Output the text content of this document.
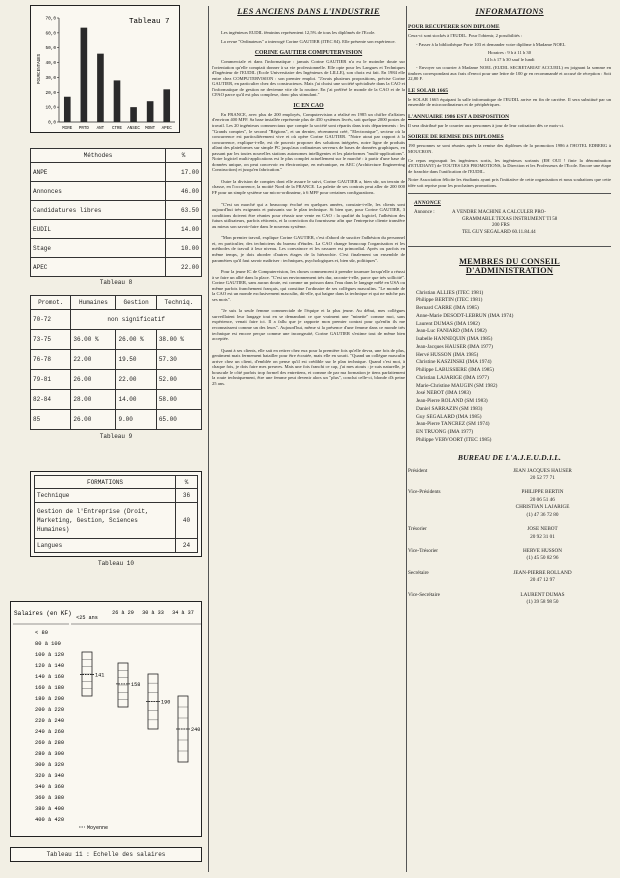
70,0
60,0
50,0
40,0
30,0
20,0
10,0
0,0
MIRE PRTD ANT CTRE ANSEC MONT APEC
POURCENTAGES
Tableau 7
Méthodes	%
ANPE	17.00
Annonces	46.00
Candidatures libres	63.50
EUDIL	14.00
Stage	10.00
APEC	22.00
Tableau 8
Promot.	Humaines	Gestion	Techniq.
70-72	non significatif		
73-75	36.00 %	26.00 %	38.00 %
76-78	22.00	19.50	57.30
79-81	26.00	22.00	52.00
82-84	28.00	14.00	58.00
85	26.00	9.00	65.00
Tableau 9
FORMATIONS	%
Technique	36
Gestion de l'Entreprise (Droit, Marketing, Gestion, Sciences Humaines)	40
Langues	24
Tableau 10
Salaires (en KF)
<25 ans
26 à 29 30 à 33 34 à 37
< 80
80 à 100
100 à 120
120 à 140
140 à 160
160 à 180
180 à 200
200 à 220
220 à 240
240 à 260
260 à 280
280 à 300
300 à 320
320 à 340
340 à 360
360 à 380
380 à 400
400 à 420
141
158
190
240
Moyenne
Tableau 11 : Echelle des salaires
LES ANCIENS DANS L'INDUSTRIE

Les ingénieurs EUDIL féminins représentent 12,5% de tous les diplômés de l'Ecole.

La revue "Ordinateurs" a interrogé Corine GAUTIER (ITEC 84). Elle présente son expérience.

CORINE GAUTIER COMPUTERVISION

Commerciale et dans l'informatique : jamais Corine GAUTIER n'a eu le moindre doute sur l'orientation qu'elle comptait donner à sa vie professionnelle. Elle opte pour les Langues et Techniques d'Ingénieur de l'EUDIL (Ecole Universitaire des Ingénieurs de LILLE), son choix est fait. En 1984 elle entre chez COMPUTERVISION : son premier emploi. "J'avais plusieurs propositions, précise Corine GAUTIER, en particulier chez des constructeurs. Mais j'ai choisi une société spécialisée dans la CAO et l'informatique de gestion ne devienne vite de la routine. En j'ai préféré le monde de la CAO et de la CFAO parce qu'il est plus complexe, donc plus stimulant."

IC EN CAO

En FRANCE, avec plus de 200 employés, Computervision a réalisé en 1985 un chiffre d'affaires d'environ 400 MFF. Sa base installée représente plus de 450 systèmes livrés, soit quelque 2000 postes de travail. Les 20 ingénieurs commerciaux que compte la société sont répartis dans trois départements : les "Grands comptes", le second "Régions", et un dernier, récemment créé, "Electronique", secteur où la concurrence est particulièrement vive et où opère Corine GAUTIER. "Notre atout par rapport à la concurrence, explique-t-elle, est de pouvoir proposer des solutions intégrées, notre ligne de produits allant des plateformes sur simple PC jusqu'aux ordinateurs serveurs de bases de données graphiques, en passant par les toutes nouvelles stations autonomes intelligentes et les plateformes "multi-applications". Notre logiciel multi-applications est le plus complet actuellement sur le marché : à partir d'une base de données unique, on peut concevoir en électronique, en mécanique, en AEC (Architecture Engineering Construction) et jusqu'en fabrication."

Outre la division de comptes dont elle assure le suivi, Corine GAUTIER a, bien sûr, un terrain de chasse, en l'occurrence, la moitié Nord de la FRANCE. La palette de ses contrats peut aller de 200 000 FF pour un simple système sur micro-ordinateur, à 6 MFF pour certaines configurations.

"C'est un marché qui a beaucoup évolué en quelques années, constate-t-elle, les clients sont aujourd'hui très exigeants et puissants sur le plan technique. Si bien que, pour Corine GAUTIER, 3 conditions doivent être réunies pour réussir une vente en CAO : la qualité du logiciel, l'adhésion des futurs utilisateurs, parfois réticents, et la conviction du fournisseur afin que l'entreprise cliente transfère au mieux son savoir-faire dans le nouveau système.

"Mon premier travail, explique Corine GAUTIER, c'est d'abord de susciter l'adhésion du personnel et, en particulier, des techniciens du bureau d'études. La CAO change beaucoup l'organisation et les méthodes de travail à leur niveau. Les convaincre et les rassurer est primordial. Après ou parfois en même temps, je dois aborder d'autres étages de la hiérarchie. C'est finalement un ensemble de paramètres qu'il faut savoir maîtriser : techniques, psychologiques et, bien sûr, politiques".

Pour la jeune IC de Computervision, les choses commencent à prendre tournure lorsqu'elle a réussi à se faire un allié dans la place. "C'est un environnement très dur, raconte-t-elle, parce que très sollicité". Corine GAUTIER, sans aucun doute, est comme un poisson dans l'eau dans le langage mêlé en USA ou même parfois franchement français, qui constitue l'ordinaire de ses collègues masculins. "Le monde de la CAO est un monde exclusivement masculin, dit-elle, qui baigne dans la technique et qui ne mâche pas ses mots".

"Je suis la seule femme commerciale de l'équipe et la plus jeune. Au début, mes collègues surveillaient leur langage tout en se demandant ce que vraiment une "minette" comme moi, sans expérience, venait faire ici. Il a fallu que je rapporte mon premier contrat pour qu'enfin ils me reconnaissent comme un des leurs". Aujourd'hui, même si la présence d'une femme dans ce monde très technique est encore perçue comme une incongruité, Corine GAUTIER s'estime tout de même bien acceptée.

Quant à ses clients, elle sait en retirer chez eux pour la première fois qu'elle devra, une fois de plus, gentiment mais fermement batailler pour être écoutée, mais elle en sourit. "Quand un collègue masculin arrive chez un client, d'emblée on pense qu'il est crédible sur le plan technique. Quand c'est moi, à chaque fois, je dois faire mes preuves. Mais une fois franchi ce cap, j'ai mes atouts : je suis naturelle, je bouscule le côté parfois trop formel des entretiens, et comme de par ma formation je tiens parfaitement la route techniquement, être une femme peut devenir alors un "plus", conclut celle-ci, blonde d'à peine 25 ans.

INFORMATIONS
POUR RECUPERER SON DIPLOME

Ceux-ci sont stockés à l'EUDIL. Pour l'obtenir, 2 possibilités :

- Passer à la bibliothèque Porte 103 et demander votre diplôme à Madame NOEL

Horaires : 9 h à 11 h 30

14 h à 17 h 30 sauf le lundi

- Envoyer un courrier à Madame NOEL (EUDIL SECRETARIAT ACCUEIL) en joignant la somme en timbres correspondant aux frais d'envoi pour une lettre de 100 gr en recommandé et accusé de réception : Soit 22,80 F.

LE SOLAR 1665

le SOLAR 1665 équipant la salle informatique de l'EUDIL arrive en fin de carrière. Il sera substitué par un ensemble de microordinateurs et de périphériques.

L'ANNUAIRE 1986 EST A DISPOSITION

Il sera distribué par le courrier aux personnes à jour de leur cotisation dès ce mois-ci.

SOIREE DE REMISE DES DIPLOMES

190 personnes se sont réunies après la remise des diplômes de la promotion 1986 à l'HOTEL EDBERG à MOUCRON.

Ce repas regroupait les ingénieurs sortis, les ingénieurs sortants (EH OUI ! finie la dénomination d'ETUDIANT) de TOUTES LES PROMOTIONS, la Direction et les Professeurs de l'Ecole. Encore une étape de franchie dans l'unification de l'EUDIL.

Notre Association félicite les étudiants ayant pris l'initiative de cette organisation et nous souhaitons que cette idée soit reprise pour les prochaines promotions.

ANNONCE
Annonce :	A VENDRE MACHINE A CALCULER PRO-
GRAMMABLE TEXAS INSTRUMENT TI 58
200 FRS
TEL GUY SEGALARD 60.11.84.44
MEMBRES DU CONSEIL D'ADMINISTRATION
Christian ALLIES (ITEC 1981)
Philippe BERTIN (ITEC 1981)
Bernard CARRE (IMA 1985)
Anne-Marie DESODT-LEBRUN (IMA 1974)
Laurent DUMAS (IMA 1982)
Jean-Luc FANIARD (IMA 1982)
Isabelle HANNEQUIN (IMA 1985)
Jean-Jacques HAUSER (IMA 1977)
Hervé HUSSON (IMA 1985)
Christine KASZINSKI (IMA 1974)
Philippe LABUSSIERE (IMA 1985)
Christian LAJARIGE (IMA 1977)
Marie-Christine MAUGIN (SM 1982)
José NEBOT (IMA 1983)
Jean-Pierre ROLAND (SM 1983)
Daniel SARRAZIN (SM 1983)
Guy SEGALARD (IMA 1985)
Jean-Pierre TANCREZ (SM 1974)
EN TRUONG (IMA 1977)
Philippe VERVOORT (ITEC 1985)
BUREAU DE L'A.J.E.U.D.I.L.
Président	JEAN JACQUES HAUSER
20 52 77 71
Vice-Présidents	PHILIPPE BERTIN
20 06 51 46
CHRISTIAN LAJARIGE
(1) 47 36 72 80
Trésorier	JOSE NEBOT
20 92 31 01
Vice-Trésorier	HERVE HUSSON
(1) 45 50 82 96
Secrétaire	JEAN-PIERRE ROLLAND
20 47 12 97
Vice-Secrétaire	LAURENT DUMAS
(1) 39 58 98 50
